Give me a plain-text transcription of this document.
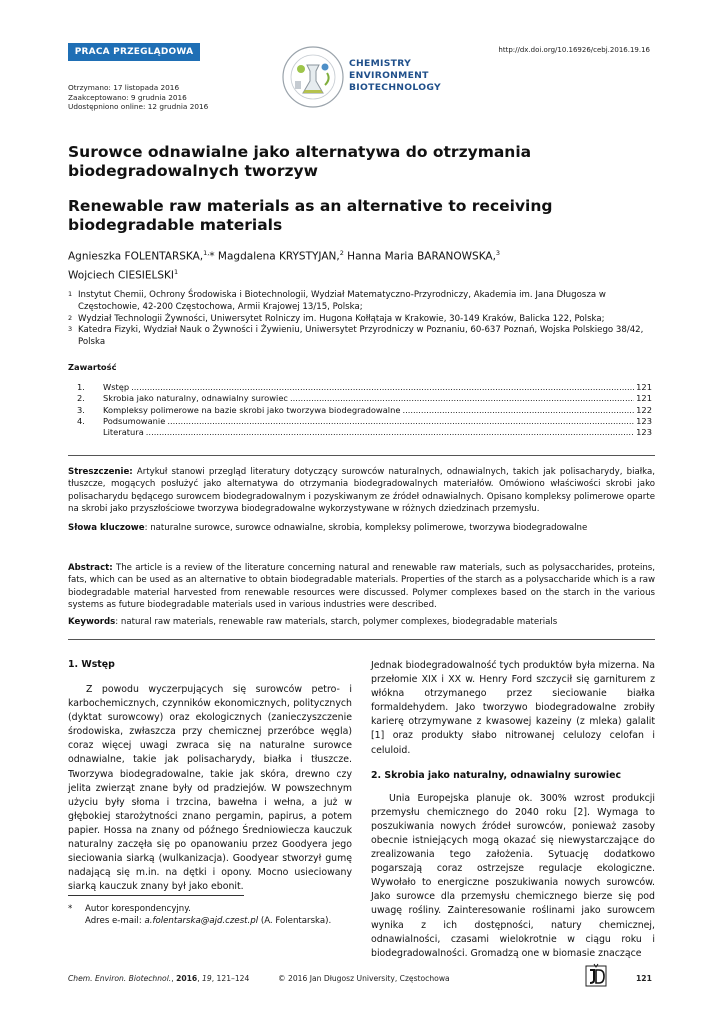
PRACA PRZEGLĄDOWA	http://dx.doi.org/10.16926/cebj.2016.19.16
Otrzymano: 17 listopada 2016
Zaakceptowano: 9 grudnia 2016
Udostępniono online: 12 grudnia 2016
CHEMISTRY
ENVIRONMENT
BIOTECHNOLOGY
Surowce odnawialne jako alternatywa do otrzymania
biodegradowalnych tworzyw
Renewable raw materials as an alternative to receiving
biodegradable materials
Agnieszka FOLENTARSKA,$^{1,}$* Magdalena KRYSTYJAN,$^2$ Hanna Maria BARANOWSKA,$^3$
Wojciech CIESIELSKI$^1$
1 Instytut Chemii, Ochrony Środowiska i Biotechnologii, Wydział Matematyczno-Przyrodniczy, Akademia im. Jana Długosza w Częstochowie, 42-200 Częstochowa, Armii Krajowej 13/15, Polska;
2 Wydział Technologii Żywności, Uniwersytet Rolniczy im. Hugona Kołłątaja w Krakowie, 30-149 Kraków, Balicka 122, Polska;
3 Katedra Fizyki, Wydział Nauk o Żywności i Żywieniu, Uniwersytet Przyrodniczy w Poznaniu, 60-637 Poznań, Wojska Polskiego 38/42, Polska
Zawartość
1.	Wstęp .....	121
2.	Skrobia jako naturalny, odnawialny surowiec .....	121
3.	Kompleksy polimerowe na bazie skrobi jako tworzywa biodegradowalne .....	122
4.	Podsumowanie .....	123
Literatura .....	123

Streszczenie: Artykuł stanowi przegląd literatury dotyczący surowców naturalnych, odnawialnych, takich jak polisacharydy, białka, tłuszcze, mogących posłużyć jako alternatywa do otrzymania biodegradowalnych materiałów. Omówiono właściwości skrobi jako polisacharydu będącego surowcem biodegradowalnym i pozyskiwanym ze źródeł odnawialnych. Opisano kompleksy polimerowe oparte na skrobi jako przyszłościowe tworzywa biodegradowalne wykorzystywane w różnych dziedzinach przemysłu.

Słowa kluczowe: naturalne surowce, surowce odnawialne, skrobia, kompleksy polimerowe, tworzywa biodegradowalne

Abstract: The article is a review of the literature concerning natural and renewable raw materials, such as polysaccharides, proteins, fats, which can be used as an alternative to obtain biodegradable materials. Properties of the starch as a polysaccharide which is a raw biodegradable material harvested from renewable resources were discussed. Polymer complexes based on the starch in the various systems as future biodegradable materials used in various industries were described.

Keywords: natural raw materials, renewable raw materials, starch, polymer complexes, biodegradable materials

1. Wstęp

Z powodu wyczerpujących się surowców petro- i karbochemicznych, czynników ekonomicznych, politycznych (dyktat surowcowy) oraz ekologicznych (zanieczyszczenie środowiska, zwłaszcza przy chemicznej przeróbce węgla) coraz więcej uwagi zwraca się na naturalne surowce odnawialne, takie jak polisacharydy, białka i tłuszcze. Tworzywa biodegradowalne, takie jak skóra, drewno czy jelita zwierząt znane były od pradziejów. W powszechnym użyciu były słoma i trzcina, bawełna i wełna, a już w głębokiej starożytności znano pergamin, papirus, a potem papier. Hossa na znany od późnego Średniowiecza kauczuk naturalny zaczęła się po opanowaniu przez Goodyera jego sieciowania siarką (wulkanizacja). Goodyear stworzył gumę nadającą się m.in. na dętki i opony. Mocno usieciowany siarką kauczuk znany był jako ebonit.

Jednak biodegradowalność tych produktów była mizerna. Na przełomie XIX i XX w. Henry Ford szczycił się garniturem z włókna otrzymanego przez sieciowanie białka formaldehydem. Jako tworzywo biodegradowalne zrobiły karierę otrzymywane z kwasowej kazeiny (z mleka) galalit [1] oraz produkty słabo nitrowanej celulozy celofan i celuloid.

2. Skrobia jako naturalny, odnawialny surowiec

Unia Europejska planuje ok. 300% wzrost produkcji przemysłu chemicznego do 2040 roku [2]. Wymaga to poszukiwania nowych źródeł surowców, ponieważ zasoby obecnie istniejących mogą okazać się niewystarczające do zrealizowania tego założenia. Sytuację dodatkowo pogarszają coraz ostrzejsze regulacje ekologiczne. Wywołało to energiczne poszukiwania nowych surowców. Jako surowce dla przemysłu chemicznego bierze się pod uwagę rośliny. Zainteresowanie roślinami jako surowcem wynika z ich dostępności, natury chemicznej, odnawialności, czasami wielokrotnie w ciągu roku i biodegradowalności. Gromadzą one w biomasie znaczące

* Autor korespondencyjny.
Adres e-mail: a.folentarska@ajd.czest.pl (A. Folentarska).
Chem. Environ. Biotechnol., 2016, 19, 121–124	© 2016 Jan Długosz University, Częstochowa	121
